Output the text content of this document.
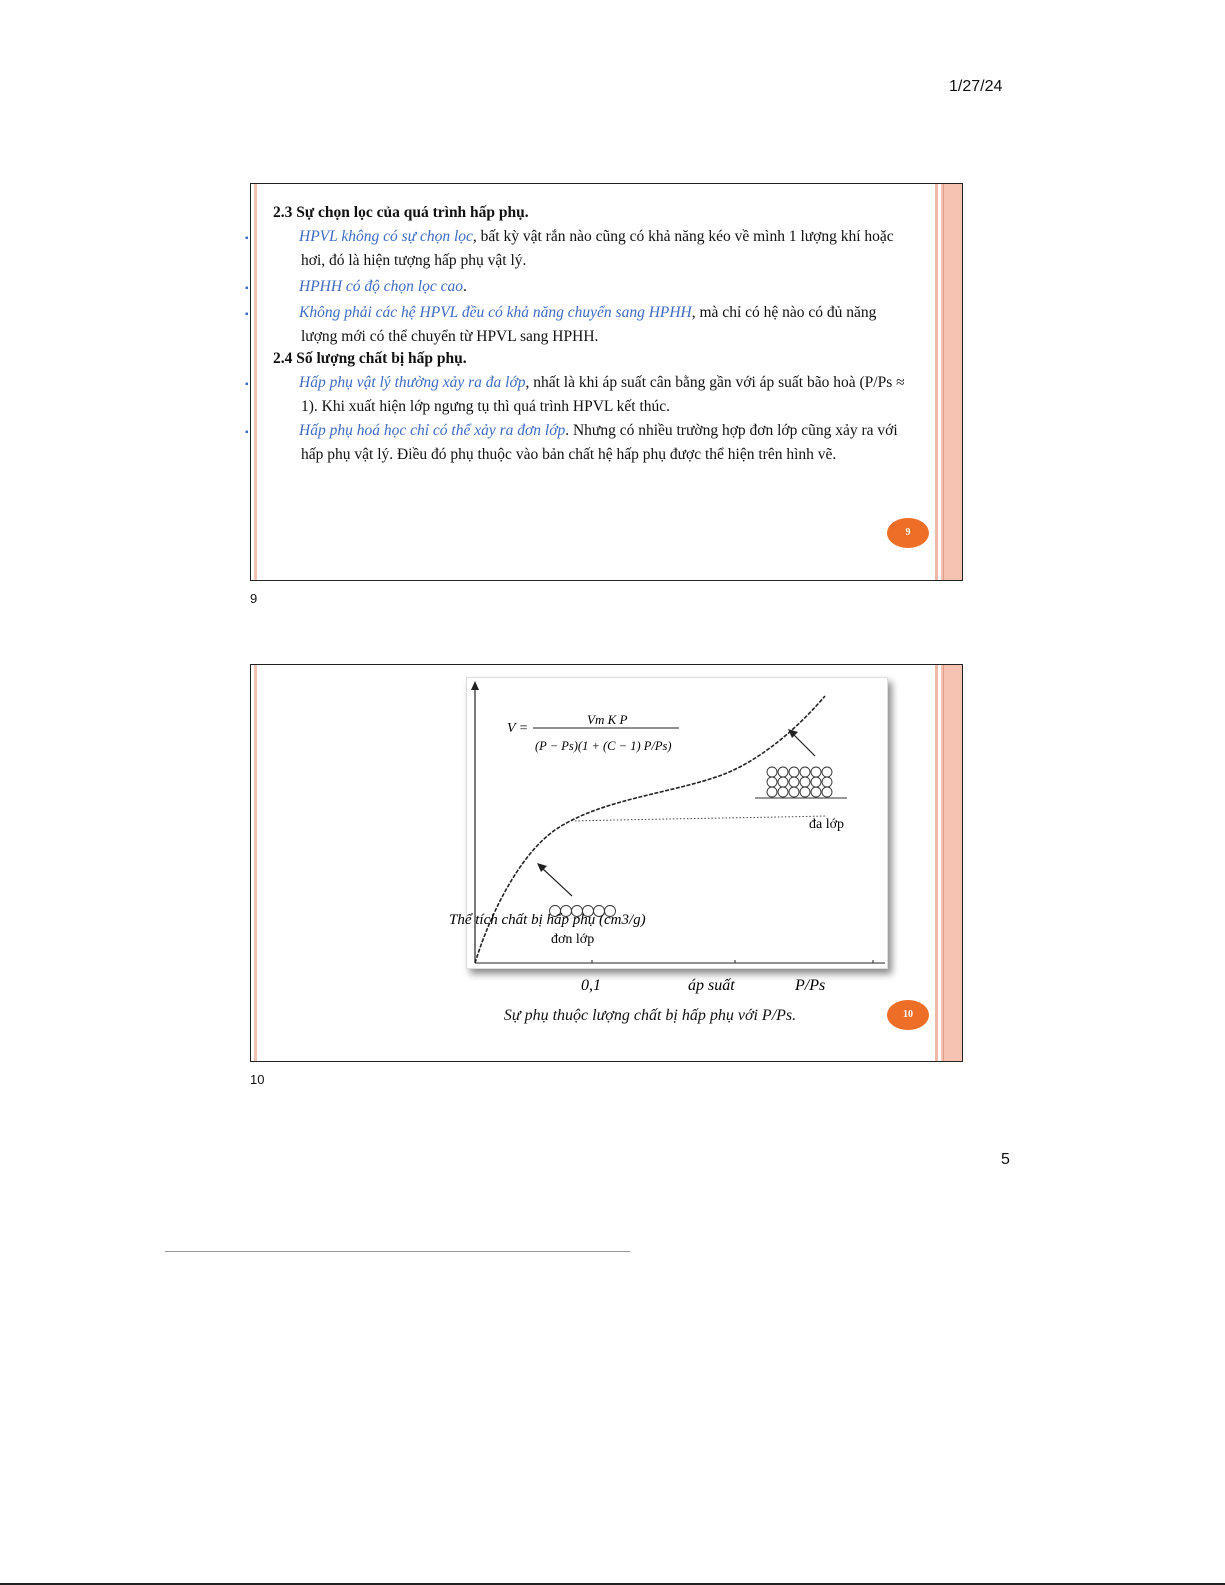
1/27/24

2.3 Sự chọn lọc của quá trình hấp phụ.

▪	HPVL không có sự chọn lọc, bất kỳ vật rắn nào cũng có khả năng kéo về mình 1 lượng khí hoặc hơi, đó là hiện tượng hấp phụ vật lý.

▪	HPHH có độ chọn lọc cao.

▪	Không phải các hệ HPVL đều có khả năng chuyển sang HPHH, mà chỉ có hệ nào có đủ năng lượng mới có thể chuyển từ HPVL sang HPHH.

2.4 Số lượng chất bị hấp phụ.

▪	Hấp phụ vật lý thường xảy ra đa lớp, nhất là khi áp suất cân bằng gần với áp suất bão hoà (P/Ps ≈ 1). Khi xuất hiện lớp ngưng tụ thì quá trình HPVL kết thúc.

▪	Hấp phụ hoá học chỉ có thể xảy ra đơn lớp. Nhưng có nhiều trường hợp đơn lớp cũng xảy ra với hấp phụ vật lý. Điều đó phụ thuộc vào bản chất hệ hấp phụ được thể hiện trên hình vẽ.

9
9
V =
Vm K P
(P − Ps)(1 + (C − 1) P/Ps)
đa lớp
đơn lớp
Thể tích chất bị hấp phụ (cm3/g)
0,1	áp suất	P/Ps
Sự phụ thuộc lượng chất bị hấp phụ với P/Ps.	10
10
5
